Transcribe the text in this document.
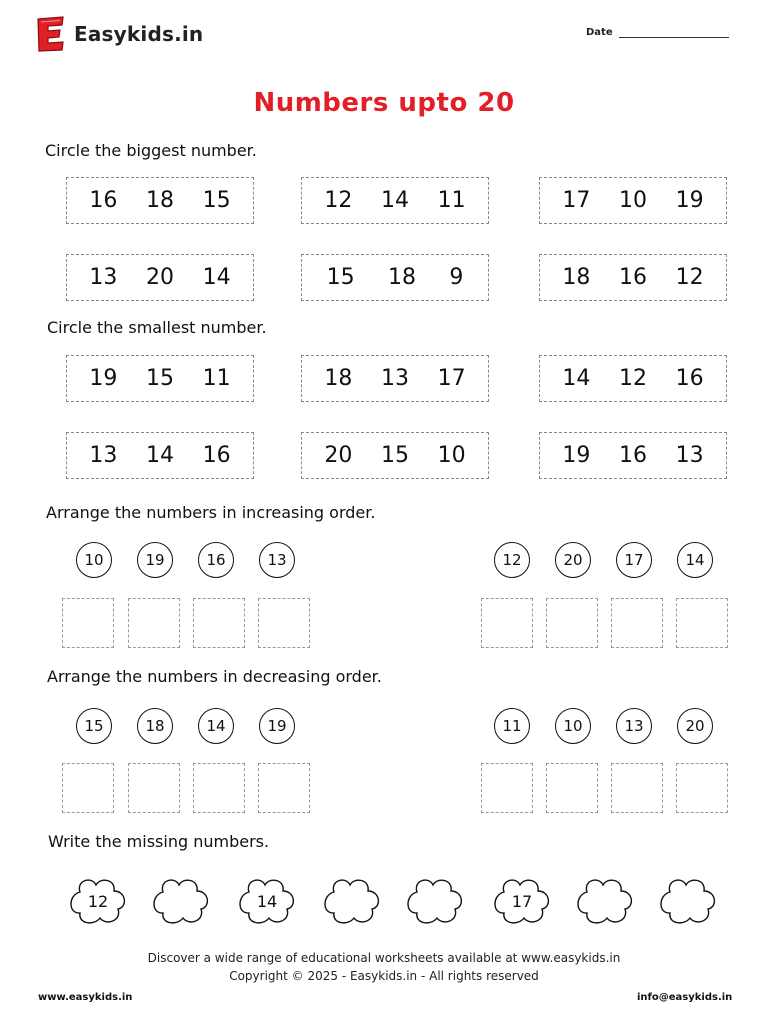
Easykids.in	Date
Numbers upto 20
Circle the biggest number.
16 18 15	12 14 11	17 10 19
13 20 14	15 18 9	18 16 12
Circle the smallest number.
19 15 11	18 13 17	14 12 16
13 14 16	20 15 10	19 16 13
Arrange the numbers in increasing order.
10	19	16	13	12	20	17	14
Arrange the numbers in decreasing order.
15	18	14	19	11	10	13	20
Write the missing numbers.
12	14	17
Discover a wide range of educational worksheets available at www.easykids.in
Copyright © 2025 - Easykids.in - All rights reserved
www.easykids.in	info@easykids.in
